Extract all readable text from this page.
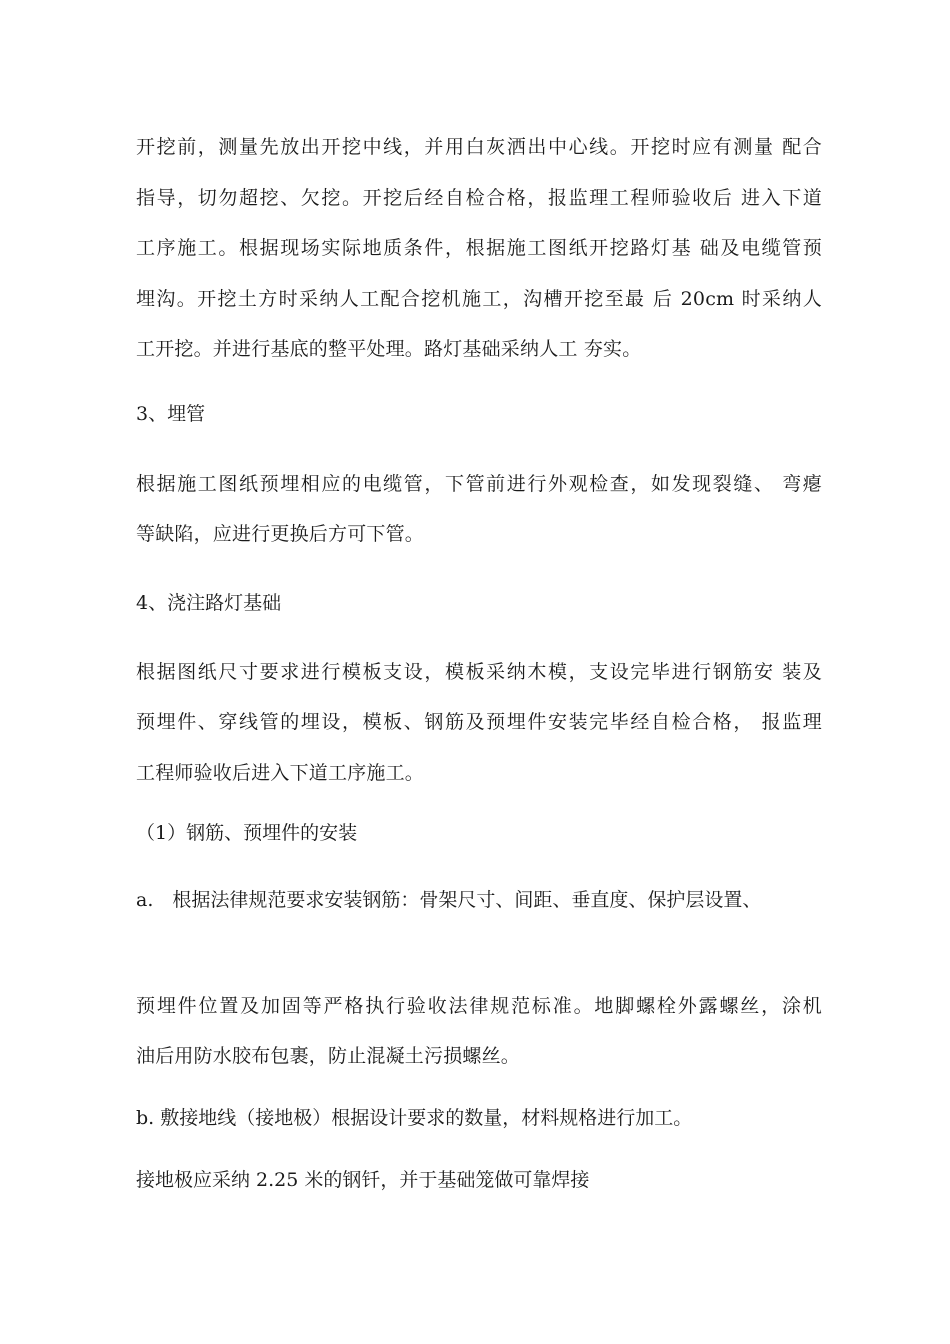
开挖前，测量先放出开挖中线，并用白灰洒出中心线。开挖时应有测量 配合
指导，切勿超挖、欠挖。开挖后经自检合格，报监理工程师验收后 进入下道
工序施工。根据现场实际地质条件，根据施工图纸开挖路灯基 础及电缆管预
埋沟。开挖土方时采纳人工配合挖机施工，沟槽开挖至最 后 20cm 时采纳人
工开挖。并进行基底的整平处理。路灯基础采纳人工 夯实。
3、埋管
根据施工图纸预埋相应的电缆管，下管前进行外观检查，如发现裂缝、 弯瘪
等缺陷，应进行更换后方可下管。
4、浇注路灯基础
根据图纸尺寸要求进行模板支设，模板采纳木模，支设完毕进行钢筋安 装及
预埋件、穿线管的埋设，模板、钢筋及预埋件安装完毕经自检合格， 报监理
工程师验收后进入下道工序施工。
（1）钢筋、预埋件的安装
a.　根据法律规范要求安装钢筋：骨架尺寸、间距、垂直度、保护层设置、
预埋件位置及加固等严格执行验收法律规范标准。地脚螺栓外露螺丝，涂机
油后用防水胶布包裹，防止混凝土污损螺丝。
b. 敷接地线（接地极）根据设计要求的数量，材料规格进行加工。
接地极应采纳 2.25 米的钢钎，并于基础笼做可靠焊接
